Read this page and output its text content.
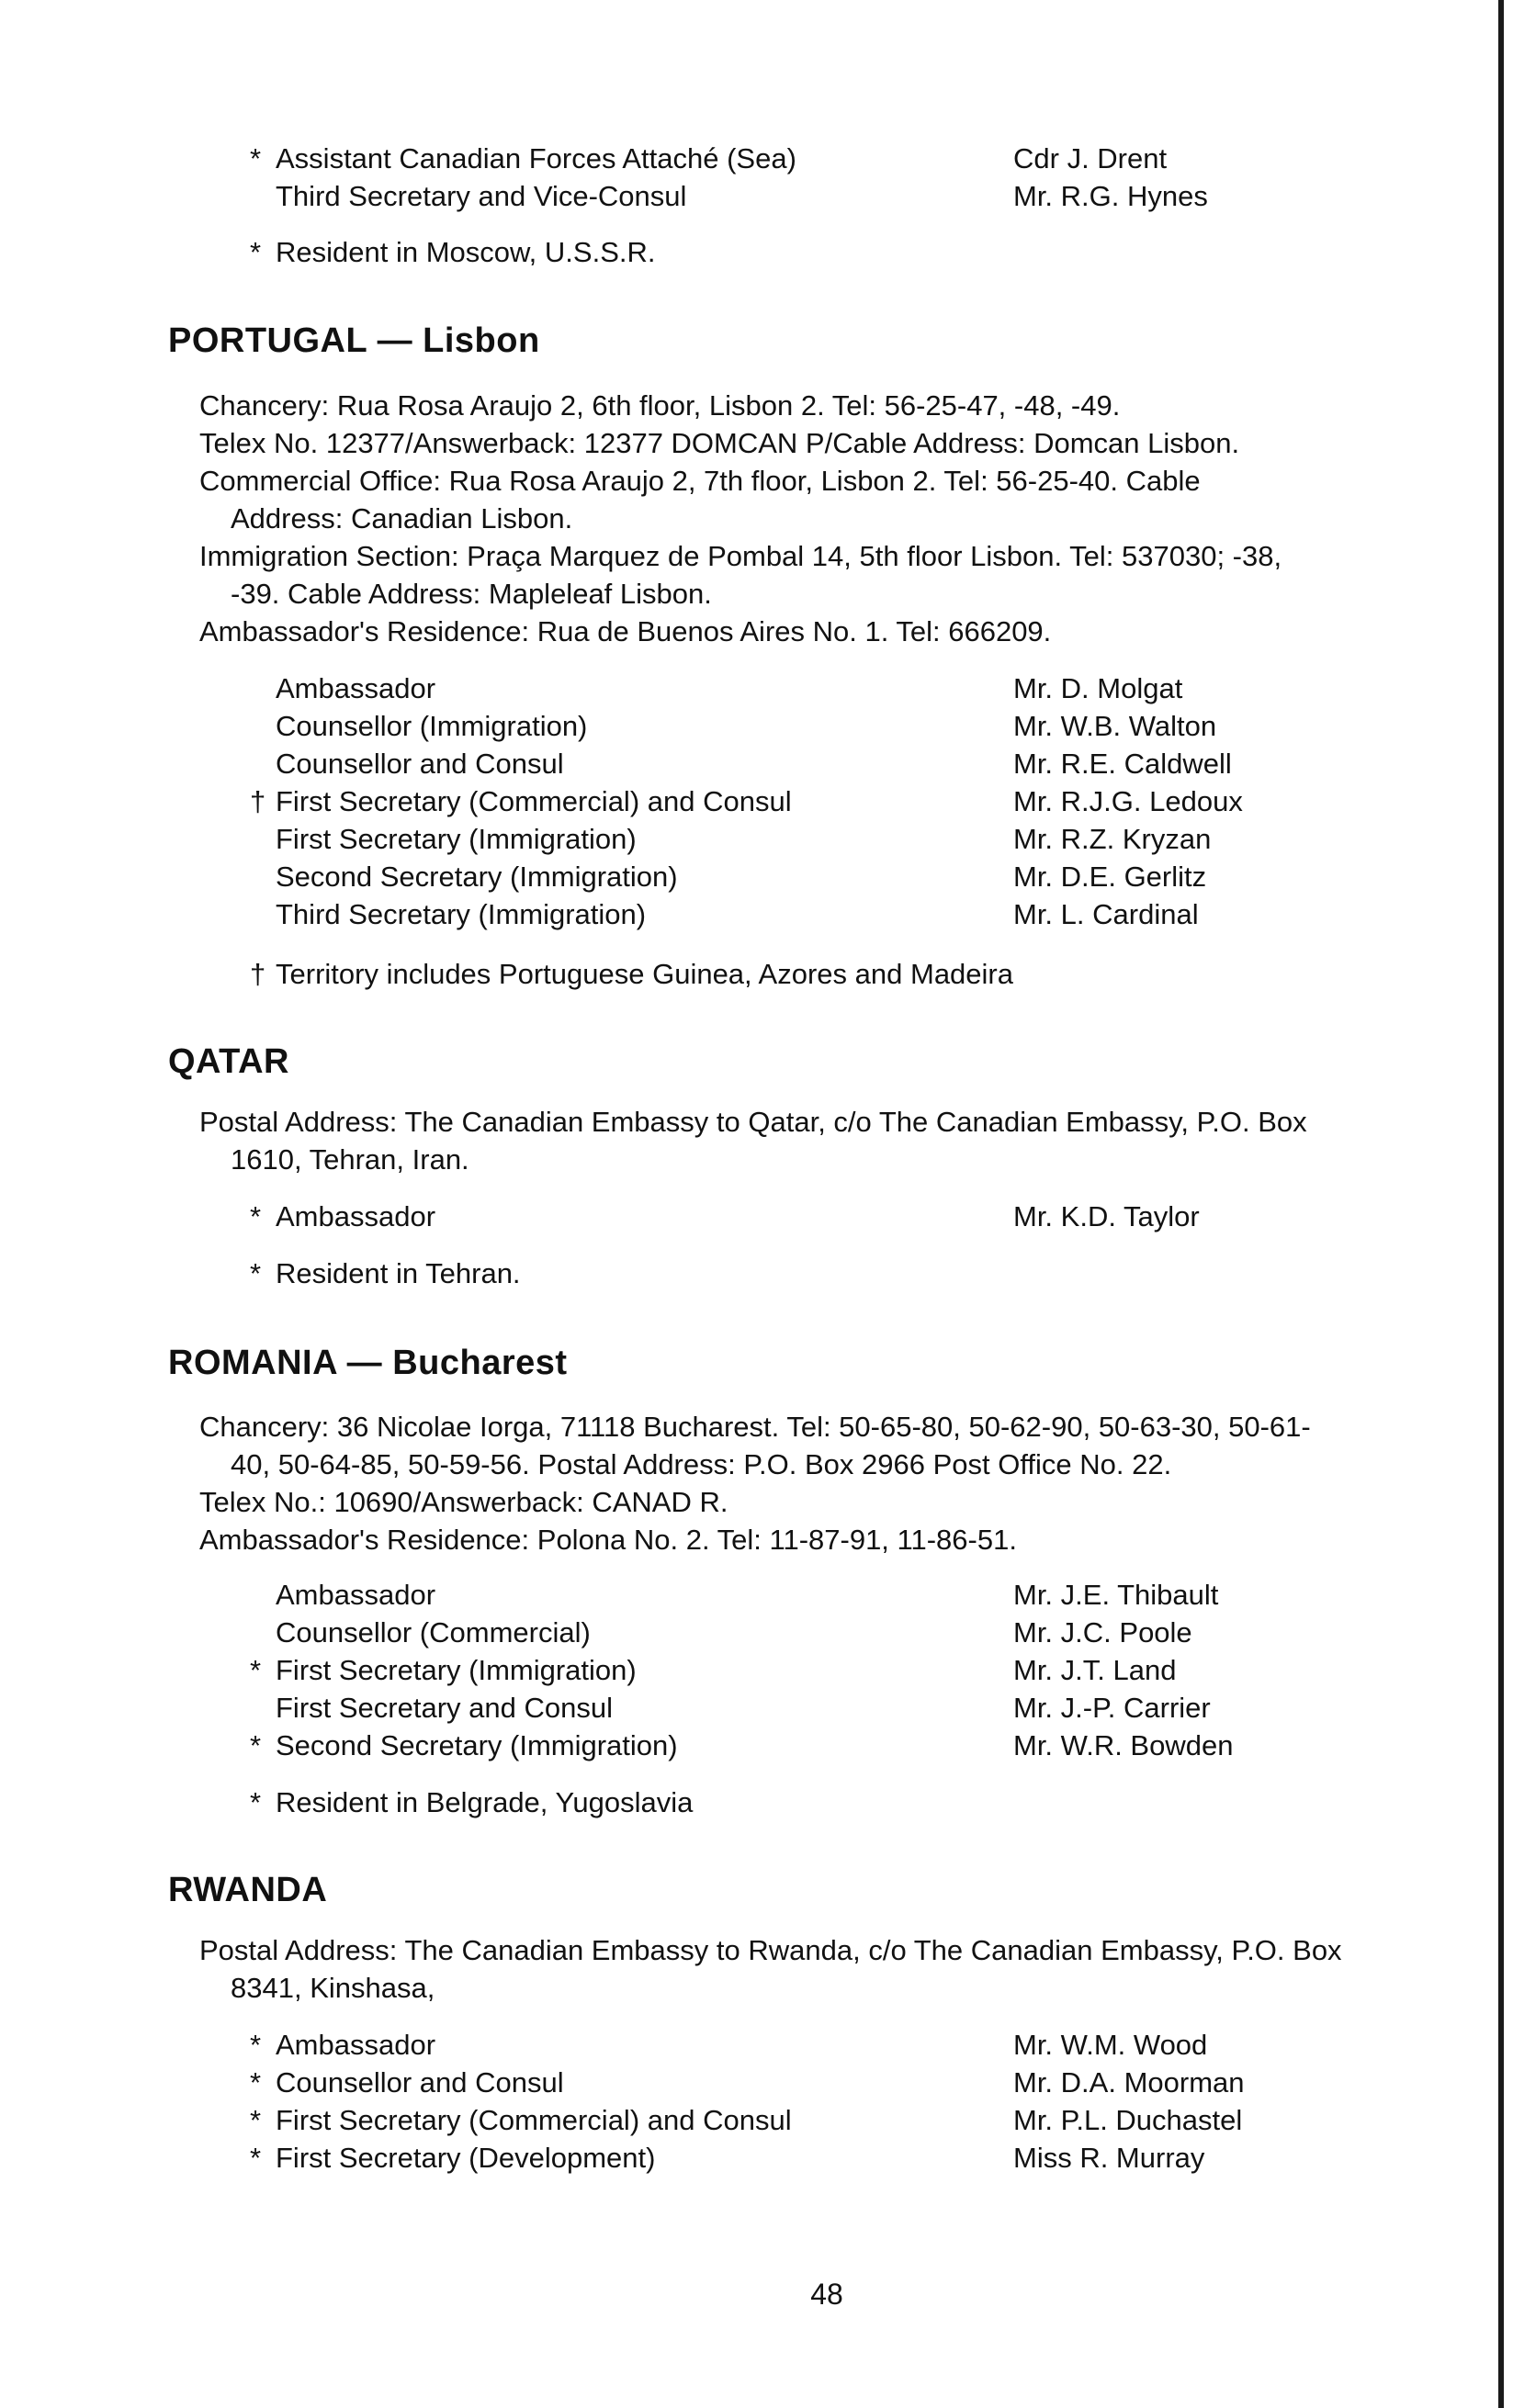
* Assistant Canadian Forces Attaché (Sea)	Cdr J. Drent
Third Secretary and Vice-Consul	Mr. R.G. Hynes
* Resident in Moscow, U.S.S.R.
PORTUGAL — Lisbon
Chancery: Rua Rosa Araujo 2, 6th floor, Lisbon 2. Tel: 56-25-47, -48, -49.
Telex No. 12377/Answerback: 12377 DOMCAN P/Cable Address: Domcan Lisbon.
Commercial Office: Rua Rosa Araujo 2, 7th floor, Lisbon 2. Tel: 56-25-40. Cable
Address: Canadian Lisbon.
Immigration Section: Praça Marquez de Pombal 14, 5th floor Lisbon. Tel: 537030; -38,
-39. Cable Address: Mapleleaf Lisbon.
Ambassador's Residence: Rua de Buenos Aires No. 1. Tel: 666209.
Ambassador	Mr. D. Molgat
Counsellor (Immigration)	Mr. W.B. Walton
Counsellor and Consul	Mr. R.E. Caldwell
† First Secretary (Commercial) and Consul	Mr. R.J.G. Ledoux
First Secretary (Immigration)	Mr. R.Z. Kryzan
Second Secretary (Immigration)	Mr. D.E. Gerlitz
Third Secretary (Immigration)	Mr. L. Cardinal
† Territory includes Portuguese Guinea, Azores and Madeira
QATAR
Postal Address: The Canadian Embassy to Qatar, c/o The Canadian Embassy, P.O. Box
1610, Tehran, Iran.
* Ambassador	Mr. K.D. Taylor
* Resident in Tehran.
ROMANIA — Bucharest
Chancery: 36 Nicolae Iorga, 71118 Bucharest. Tel: 50-65-80, 50-62-90, 50-63-30, 50-61-
40, 50-64-85, 50-59-56. Postal Address: P.O. Box 2966 Post Office No. 22.
Telex No.: 10690/Answerback: CANAD R.
Ambassador's Residence: Polona No. 2. Tel: 11-87-91, 11-86-51.
Ambassador	Mr. J.E. Thibault
Counsellor (Commercial)	Mr. J.C. Poole
* First Secretary (Immigration)	Mr. J.T. Land
First Secretary and Consul	Mr. J.-P. Carrier
* Second Secretary (Immigration)	Mr. W.R. Bowden
* Resident in Belgrade, Yugoslavia
RWANDA
Postal Address: The Canadian Embassy to Rwanda, c/o The Canadian Embassy, P.O. Box
8341, Kinshasa,
* Ambassador	Mr. W.M. Wood
* Counsellor and Consul	Mr. D.A. Moorman
* First Secretary (Commercial) and Consul	Mr. P.L. Duchastel
* First Secretary (Development)	Miss R. Murray
48
